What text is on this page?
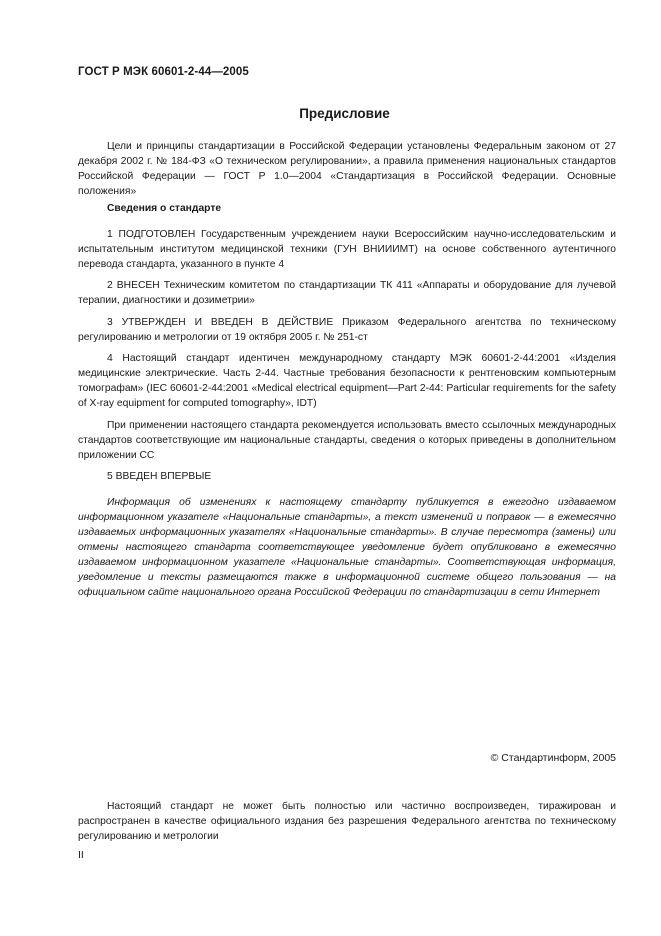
ГОСТ Р МЭК 60601-2-44—2005
Предисловие

Цели и принципы стандартизации в Российской Федерации установлены Федеральным законом от 27 декабря 2002 г. № 184-ФЗ «О техническом регулировании», а правила применения национальных стандартов Российской Федерации — ГОСТ Р 1.0—2004 «Стандартизация в Российской Федерации. Основные положения»

Сведения о стандарте

1 ПОДГОТОВЛЕН Государственным учреждением науки Всероссийским научно-исследовательским и испытательным институтом медицинской техники (ГУН ВНИИИМТ) на основе собственного аутентичного перевода стандарта, указанного в пункте 4

2 ВНЕСЕН Техническим комитетом по стандартизации ТК 411 «Аппараты и оборудование для лучевой терапии, диагностики и дозиметрии»

3 УТВЕРЖДЕН И ВВЕДЕН В ДЕЙСТВИЕ Приказом Федерального агентства по техническому регулированию и метрологии от 19 октября 2005 г. № 251-ст

4 Настоящий стандарт идентичен международному стандарту МЭК 60601-2-44:2001 «Изделия медицинские электрические. Часть 2-44. Частные требования безопасности к рентгеновским компьютерным томографам» (IEC 60601-2-44:2001 «Medical electrical equipment—Part 2-44: Particular requirements for the safety of X-ray equipment for computed tomography», IDT)

При применении настоящего стандарта рекомендуется использовать вместо ссылочных международных стандартов соответствующие им национальные стандарты, сведения о которых приведены в дополнительном приложении СС

5 ВВЕДЕН ВПЕРВЫЕ

Информация об изменениях к настоящему стандарту публикуется в ежегодно издаваемом информационном указателе «Национальные стандарты», а текст изменений и поправок — в ежемесячно издаваемых информационных указателях «Национальные стандарты». В случае пересмотра (замены) или отмены настоящего стандарта соответствующее уведомление будет опубликовано в ежемесячно издаваемом информационном указателе «Национальные стандарты». Соответствующая информация, уведомление и тексты размещаются также в информационной системе общего пользования — на официальном сайте национального органа Российской Федерации по стандартизации в сети Интернет

© Стандартинформ, 2005

Настоящий стандарт не может быть полностью или частично воспроизведен, тиражирован и распространен в качестве официального издания без разрешения Федерального агентства по техническому регулированию и метрологии

II
